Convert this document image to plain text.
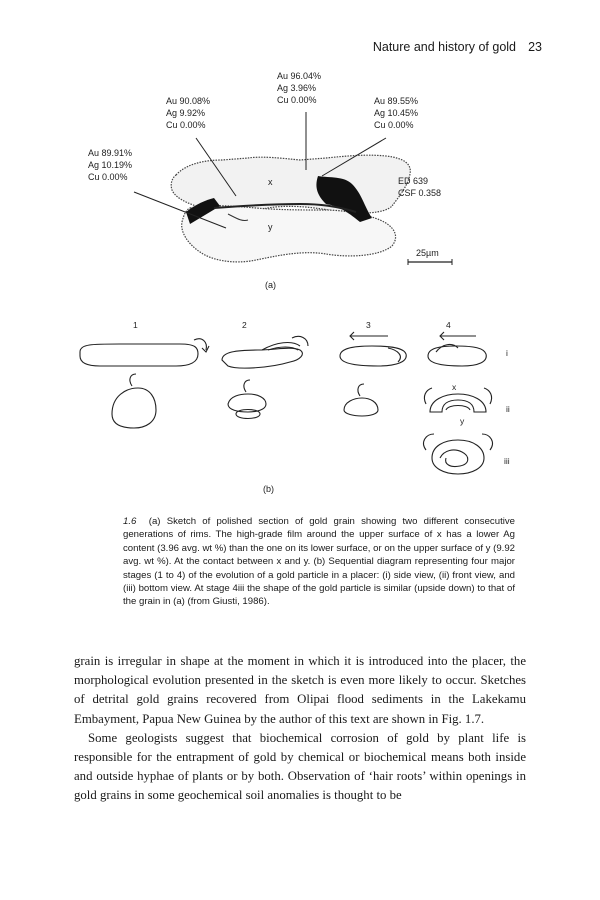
Nature and history of gold 23
Au 96.04%
Ag 3.96%
Cu 0.00%
Au 90.08%
Ag 9.92%
Cu 0.00%
Au 89.55%
Ag 10.45%
Cu 0.00%
Au 89.91%
Ag 10.19%
Cu 0.00%	x
y
ED 639
CSF 0.358
25µm
(a)
1	2	3	4
i
x
y
ii
iii
(b)
1.6 (a) Sketch of polished section of gold grain showing two different consecutive generations of rims. The high-grade film around the upper surface of x has a lower Ag content (3.96 avg. wt %) than the one on its lower surface, or on the upper surface of y (9.92 avg. wt %). At the contact between x and y. (b) Sequential diagram representing four major stages (1 to 4) of the evolution of a gold particle in a placer: (i) side view, (ii) front view, and (iii) bottom view. At stage 4iii the shape of the gold particle is similar (upside down) to that of the grain in (a) (from Giusti, 1986).

grain is irregular in shape at the moment in which it is introduced into the placer, the morphological evolution presented in the sketch is even more likely to occur. Sketches of detrital gold grains recovered from Olipai flood sediments in the Lakekamu Embayment, Papua New Guinea by the author of this text are shown in Fig. 1.7.

Some geologists suggest that biochemical corrosion of gold by plant life is responsible for the entrapment of gold by chemical or biochemical means both inside and outside hyphae of plants or by both. Observation of ‘hair roots’ within openings in gold grains in some geochemical soil anomalies is thought to be
